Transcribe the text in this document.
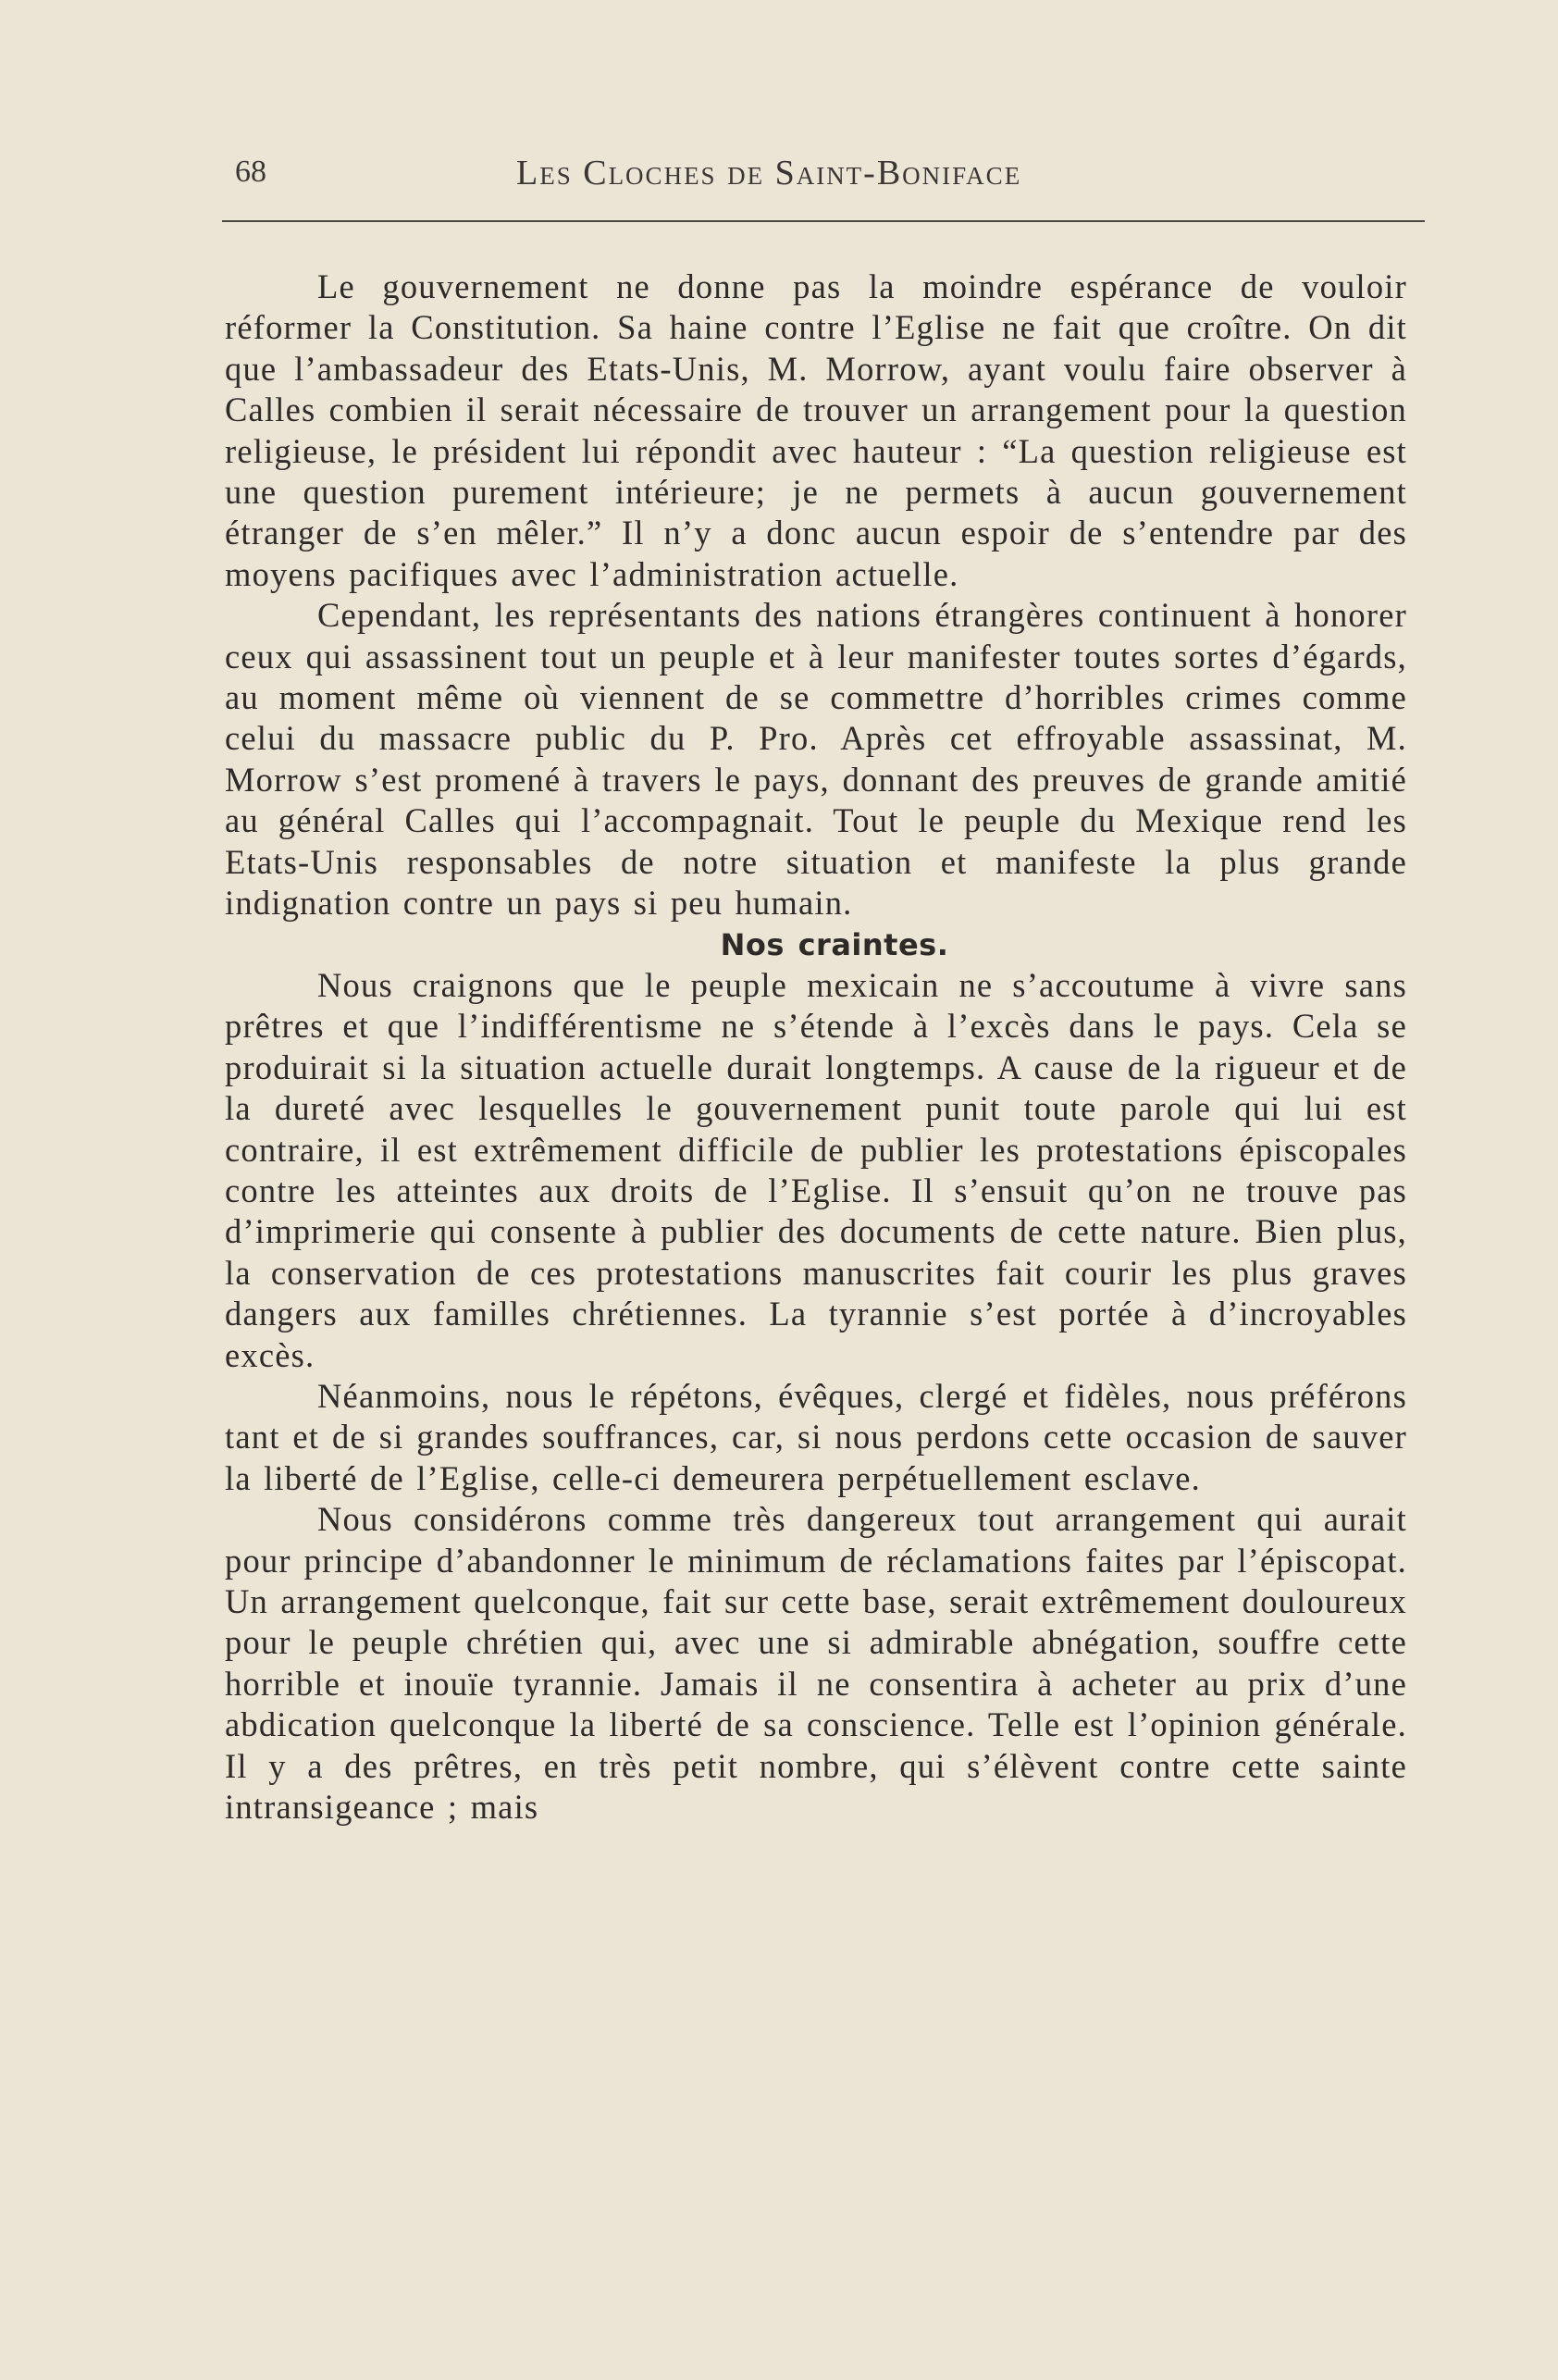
68	Les Cloches de Saint-Boniface

Le gouvernement ne donne pas la moindre espérance de vouloir réformer la Constitution. Sa haine contre l’Eglise ne fait que croître. On dit que l’ambassadeur des Etats-Unis, M. Morrow, ayant voulu faire observer à Calles combien il serait nécessaire de trouver un arrangement pour la question religieuse, le président lui répondit avec hauteur : “La question religieuse est une question purement intérieure; je ne permets à aucun gouvernement étranger de s’en mêler.” Il n’y a donc aucun espoir de s’entendre par des moyens pacifiques avec l’administration actuelle.

Cependant, les représentants des nations étrangères continuent à honorer ceux qui assassinent tout un peuple et à leur manifester toutes sortes d’égards, au moment même où viennent de se commettre d’horribles crimes comme celui du massacre public du P. Pro. Après cet effroyable assassinat, M. Morrow s’est promené à travers le pays, donnant des preuves de grande amitié au général Calles qui l’accompagnait. Tout le peuple du Mexique rend les Etats-Unis responsables de notre situation et manifeste la plus grande indignation contre un pays si peu humain.

Nos craintes.

Nous craignons que le peuple mexicain ne s’accoutume à vivre sans prêtres et que l’indifférentisme ne s’étende à l’excès dans le pays. Cela se produirait si la situation actuelle durait longtemps. A cause de la rigueur et de la dureté avec lesquelles le gouvernement punit toute parole qui lui est contraire, il est extrêmement difficile de publier les protestations épiscopales contre les atteintes aux droits de l’Eglise. Il s’ensuit qu’on ne trouve pas d’imprimerie qui consente à publier des documents de cette nature. Bien plus, la conservation de ces protestations manuscrites fait courir les plus graves dangers aux familles chrétiennes. La tyrannie s’est portée à d’incroyables excès.

Néanmoins, nous le répétons, évêques, clergé et fidèles, nous préférons tant et de si grandes souffrances, car, si nous perdons cette occasion de sauver la liberté de l’Eglise, celle-ci demeurera perpétuellement esclave.

Nous considérons comme très dangereux tout arrangement qui aurait pour principe d’abandonner le minimum de réclamations faites par l’épiscopat. Un arrangement quelconque, fait sur cette base, serait extrêmement douloureux pour le peuple chrétien qui, avec une si admirable abnégation, souffre cette horrible et inouïe tyrannie. Jamais il ne consentira à acheter au prix d’une abdication quelconque la liberté de sa conscience. Telle est l’opinion générale. Il y a des prêtres, en très petit nombre, qui s’élèvent contre cette sainte intransigeance ; mais
